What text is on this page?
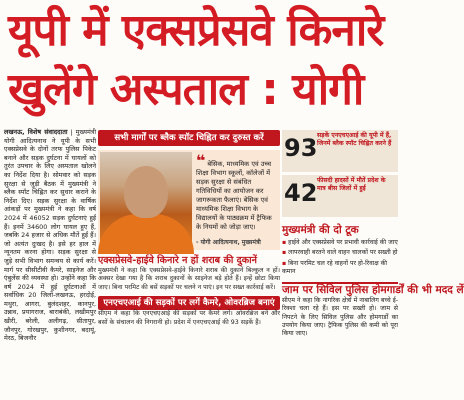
यूपी में एक्सप्रेसवे किनारे
खुलेंगे अस्पताल : योगी
लखनऊ, विशेष संवाददाता | मुख्यमंत्री योगी आदित्यनाथ ने यूपी के सभी एक्सप्रेसवे के दोनों तरफ पुलिस पिकेट बनाने और सड़क दुर्घटना में घायलों को तुरंत उपचार के लिए अस्पताल खोलने का निर्देश दिया है। सोमवार को सड़क सुरक्षा से जुड़ी बैठक में मुख्यमंत्री ने ब्लैक स्पॉट चिह्नित कर सुधार कराने के निर्देश दिए। सड़क सुरक्षा के वार्षिक आंकड़ों पर मुख्यमंत्री ने कहा कि वर्ष 2024 में 46052 सड़क दुर्घटनाएं हुईं हैं। इनमें 34600 लोग घायल हुए हैं, जबकि 24 हजार से अधिक मौतें हुईं हैं। जो अत्यंत दुःखद है। इसे हर हाल में न्यूनतम करना होगा। सड़क सुरक्षा से जुड़े सभी विभाग समन्वय से कार्य करें। मार्ग पर सीसीटीवी कैमरे, साइनेज और एंबुलेंस की व्यवस्था हो। उन्होंने कहा कि वर्ष 2024 में हुई दुर्घटनाओं में सर्वाधिक 20 जिलों-लखनऊ, हरदोई, मथुरा, आगरा, बुलंदशहर, कानपुर, उन्नाव, प्रयागराज, बाराबंकी, लखीमपुर खीरी, बरेली, अलीगढ़, सीतापुर, जौनपुर, गोरखपुर, कुशीनगर, बदायूं, मेरठ, बिजनौर
सभी मार्गों पर ब्लैक स्पॉट चिह्नित कर दुरुस्त करें
❝ बेसिक, माध्यमिक एवं उच्च शिक्षा विभाग स्कूलों, कॉलेजों में सड़क सुरक्षा से संबंधित गतिविधियों का आयोजन कर जागरूकता फैलाएं। बेसिक एवं माध्यमिक शिक्षा विभाग के विद्यालयों के पाठ्यक्रम में ट्रैफिक के नियमों को जोड़ा जाए।
- योगी आदित्यनाथ, मुख्यमंत्री
एक्सप्रेसवे-हाईवे किनारे न हों शराब की दुकानें
मुख्यमंत्री ने कहा कि एक्सप्रेसवे-हाईवे किनारे शराब की दुकानें बिल्कुल न हों। अक्सर देखा गया है कि शराब दुकानों के साइनेज बड़े होते हैं। इन्हें छोटा किया जाए। बिना परमिट की बसें सड़कों पर चलने न पाएं। इन पर सख्त कार्रवाई करें।
एनएचएआई की सड़कों पर लगें कैमरे, ओवरब्रिज बनाएं
सीएम ने कहा कि एनएचएआई की सड़कों पर कैमरे लगें। ओवरब्रिज बनें और बसों के संचालन की निगरानी हो। प्रदेश में एनएचएआई की 93 सड़कें हैं।
93 सड़कें एनएचएआई की यूपी में हैं, जिनमें ब्लैक स्पॉट चिह्नित करने हैं
42 फीसदी हादसों में मौतें प्रदेश के मात्र बीस जिलों में हुईं
मुख्यमंत्री की दो टूक
▪ हाईवे और एक्सप्रेसवे पर प्रभावी कार्रवाई की जाए
▪ लापरवाही बरतने वाले वाहन चालकों पर सख्ती हो
▪ बिना परमिट चल रहे वाहनों पर हो-रिवाक्ष की कमान
जाम पर सिविल पुलिस होमगार्डों की भी मदद लें
सीएम ने कहा कि नागरिक क्षेत्रों में नाबालिग बच्चे ई-रिक्शा चला रहे हैं। इस पर सख्ती हो। जाम से निपटने के लिए सिविल पुलिस और होमगार्डों का उपयोग किया जाए। ट्रैफिक पुलिस की कमी को पूरा किया जाए।
